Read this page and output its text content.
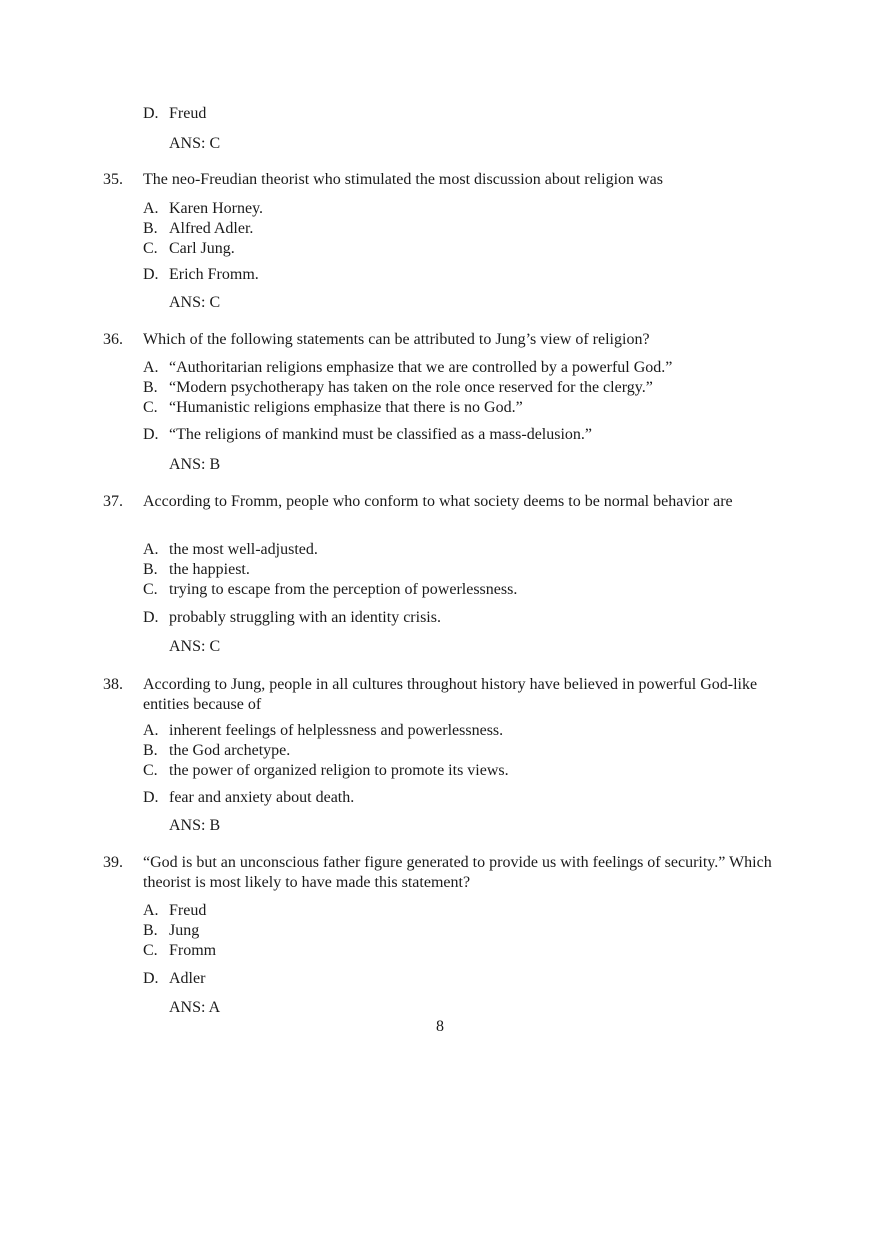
D. Freud
ANS: C
35. The neo-Freudian theorist who stimulated the most discussion about religion was
A. Karen Horney.
B. Alfred Adler.
C. Carl Jung.
D. Erich Fromm.
ANS: C
36. Which of the following statements can be attributed to Jung’s view of religion?
A. “Authoritarian religions emphasize that we are controlled by a powerful God.”
B. “Modern psychotherapy has taken on the role once reserved for the clergy.”
C. “Humanistic religions emphasize that there is no God.”
D. “The religions of mankind must be classified as a mass-delusion.”
ANS: B
37. According to Fromm, people who conform to what society deems to be normal behavior are
A. the most well-adjusted.
B. the happiest.
C. trying to escape from the perception of powerlessness.
D. probably struggling with an identity crisis.
ANS: C
38. According to Jung, people in all cultures throughout history have believed in powerful God-like entities because of
A. inherent feelings of helplessness and powerlessness.
B. the God archetype.
C. the power of organized religion to promote its views.
D. fear and anxiety about death.
ANS: B
39. “God is but an unconscious father figure generated to provide us with feelings of security.” Which theorist is most likely to have made this statement?
A. Freud
B. Jung
C. Fromm
D. Adler
ANS: A
8
